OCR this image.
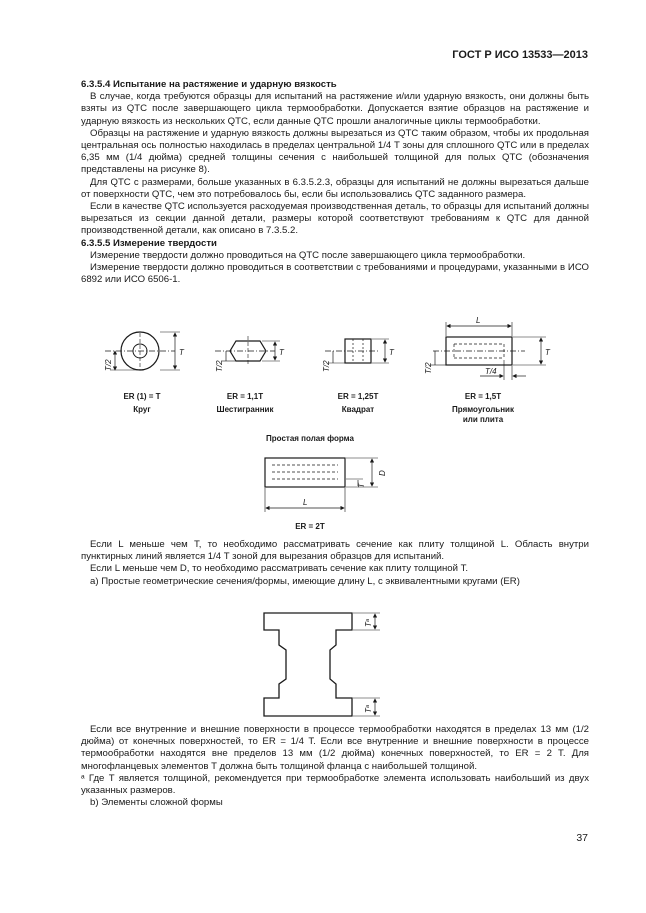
ГОСТ Р ИСО 13533—2013

6.3.5.4 Испытание на растяжение и ударную вязкость

В случае, когда требуются образцы для испытаний на растяжение и/или ударную вязкость, они должны быть взяты из QTC после завершающего цикла термообработки. Допускается взятие образцов на растяжение и ударную вязкость из нескольких QTC, если данные QTC прошли аналогичные циклы термообработки.

Образцы на растяжение и ударную вязкость должны вырезаться из QTC таким образом, чтобы их продольная центральная ось полностью находилась в пределах центральной 1/4 T зоны для сплошного QTC или в пределах 6,35 мм (1/4 дюйма) средней толщины сечения с наибольшей толщиной для полых QTC (обозначения представлены на рисунке 8).

Для QTC с размерами, больше указанных в 6.3.5.2.3, образцы для испытаний не должны вырезаться дальше от поверхности QTC, чем это потребовалось бы, если бы использовались QTC заданного размера.

Если в качестве QTC используется расходуемая производственная деталь, то образцы для испытаний должны вырезаться из секции данной детали, размеры которой соответствуют требованиям к QTC для данной производственной детали, как описано в 7.3.5.2.

6.3.5.5 Измерение твердости

Измерение твердости должно проводиться на QTC после завершающего цикла термообработки.

Измерение твердости должно проводиться в соответствии с требованиями и процедурами, указанными в ИСО 6892 или ИСО 6506-1.

T
T/2
T
T/2
T
T/2
L
T
T/2	T/4
L
D
T
Tᵃ
Tᵃ
ER (1) = T	ER = 1,1T	ER = 1,25T	ER = 1,5T
Круг	Шестигранник	Квадрат	Прямоугольник
или плита
Простая полая форма
ER = 2T

Если L меньше чем T, то необходимо рассматривать сечение как плиту толщиной L. Область внутри пунктирных линий является 1/4 T зоной для вырезания образцов для испытаний.

Если L меньше чем D, то необходимо рассматривать сечение как плиту толщиной T.

a) Простые геометрические сечения/формы, имеющие длину L, с эквивалентными кругами (ER)

Если все внутренние и внешние поверхности в процессе термообработки находятся в пределах 13 мм (1/2 дюйма) от конечных поверхностей, то ER = 1/4 T. Если все внутренние и внешние поверхности в процессе термообработки находятся вне пределов 13 мм (1/2 дюйма) конечных поверхностей, то ER = 2 T. Для многофланцевых элементов T должна быть толщиной фланца с наибольшей толщиной.

ᵃ Где T является толщиной, рекомендуется при термообработке элемента использовать наибольший из двух указанных размеров.

b) Элементы сложной формы

37
